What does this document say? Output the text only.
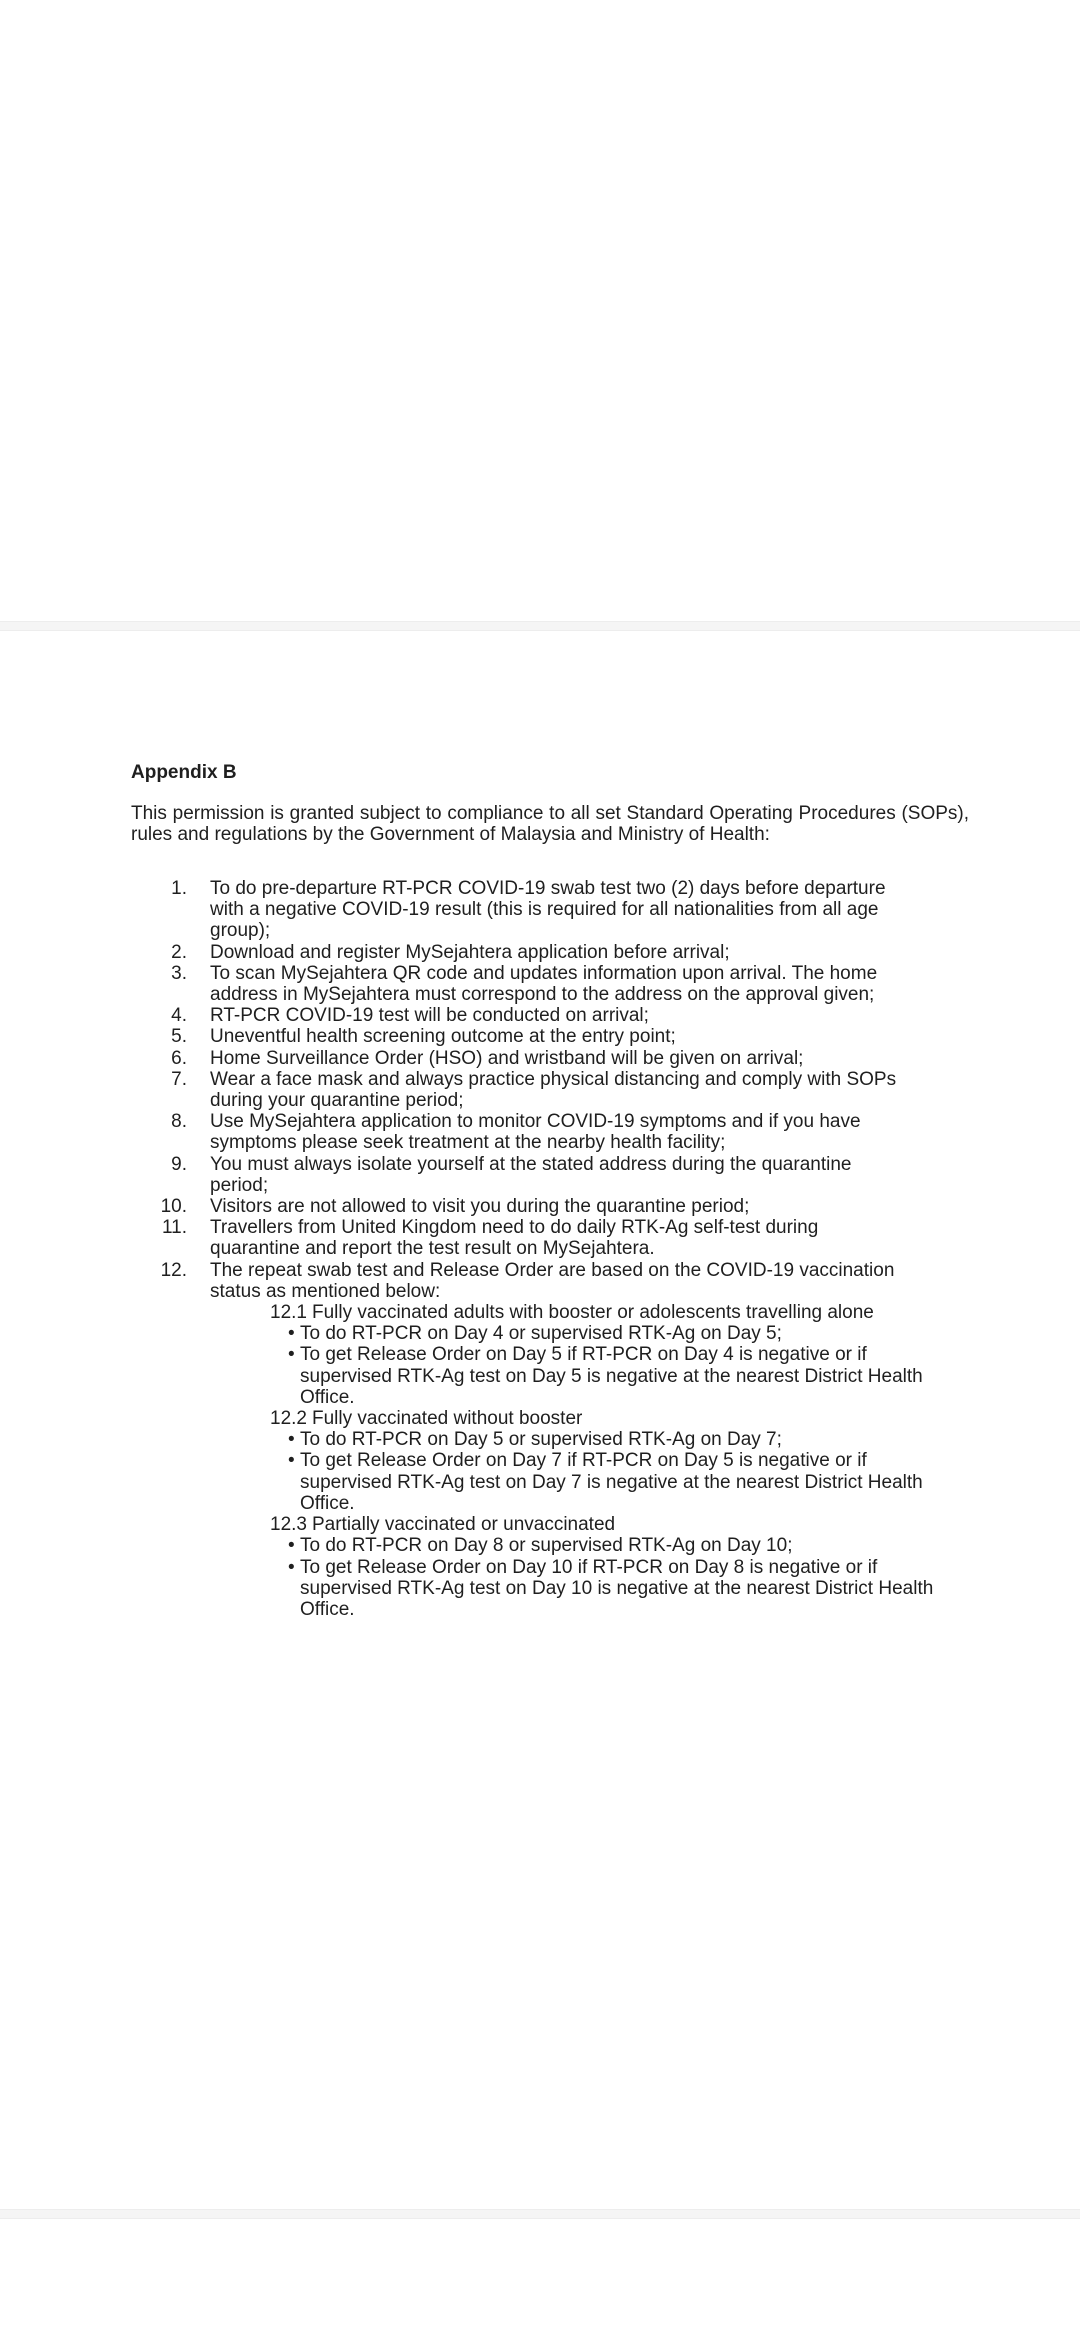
Appendix B

This permission is granted subject to compliance to all set Standard Operating Procedures (SOPs), rules and regulations by the Government of Malaysia and Ministry of Health:

1. To do pre-departure RT-PCR COVID-19 swab test two (2) days before departure with a negative COVID-19 result (this is required for all nationalities from all age group);
2. Download and register MySejahtera application before arrival;
3. To scan MySejahtera QR code and updates information upon arrival. The home address in MySejahtera must correspond to the address on the approval given;
4. RT-PCR COVID-19 test will be conducted on arrival;
5. Uneventful health screening outcome at the entry point;
6. Home Surveillance Order (HSO) and wristband will be given on arrival;
7. Wear a face mask and always practice physical distancing and comply with SOPs during your quarantine period;
8. Use MySejahtera application to monitor COVID-19 symptoms and if you have symptoms please seek treatment at the nearby health facility;
9. You must always isolate yourself at the stated address during the quarantine period;
10. Visitors are not allowed to visit you during the quarantine period;
11. Travellers from United Kingdom need to do daily RTK-Ag self-test during quarantine and report the test result on MySejahtera.
12. The repeat swab test and Release Order are based on the COVID-19 vaccination status as mentioned below:
12.1 Fully vaccinated adults with booster or adolescents travelling alone
• To do RT-PCR on Day 4 or supervised RTK-Ag on Day 5;
• To get Release Order on Day 5 if RT-PCR on Day 4 is negative or if supervised RTK-Ag test on Day 5 is negative at the nearest District Health Office.
12.2 Fully vaccinated without booster
• To do RT-PCR on Day 5 or supervised RTK-Ag on Day 7;
• To get Release Order on Day 7 if RT-PCR on Day 5 is negative or if supervised RTK-Ag test on Day 7 is negative at the nearest District Health Office.
12.3 Partially vaccinated or unvaccinated
• To do RT-PCR on Day 8 or supervised RTK-Ag on Day 10;
• To get Release Order on Day 10 if RT-PCR on Day 8 is negative or if supervised RTK-Ag test on Day 10 is negative at the nearest District Health Office.
